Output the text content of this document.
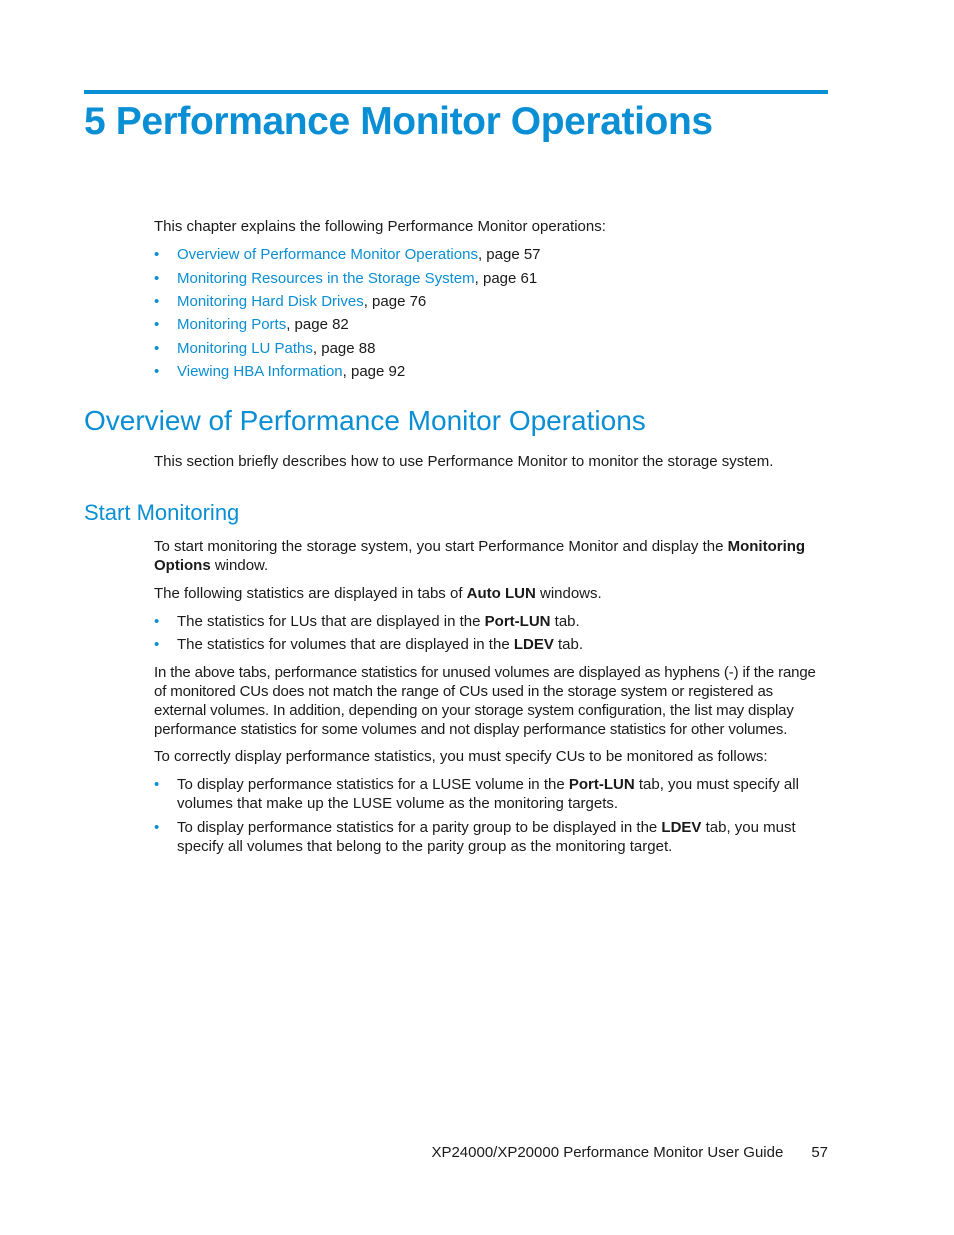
5 Performance Monitor Operations
This chapter explains the following Performance Monitor operations:
• Overview of Performance Monitor Operations, page 57
• Monitoring Resources in the Storage System, page 61
• Monitoring Hard Disk Drives, page 76
• Monitoring Ports, page 82
• Monitoring LU Paths, page 88
• Viewing HBA Information, page 92
Overview of Performance Monitor Operations
This section briefly describes how to use Performance Monitor to monitor the storage system.
Start Monitoring
To start monitoring the storage system, you start Performance Monitor and display the Monitoring Options window.
The following statistics are displayed in tabs of Auto LUN windows.
• The statistics for LUs that are displayed in the Port-LUN tab.
• The statistics for volumes that are displayed in the LDEV tab.
In the above tabs, performance statistics for unused volumes are displayed as hyphens (-) if the range of monitored CUs does not match the range of CUs used in the storage system or registered as external volumes. In addition, depending on your storage system configuration, the list may display performance statistics for some volumes and not display performance statistics for other volumes.
To correctly display performance statistics, you must specify CUs to be monitored as follows:
• To display performance statistics for a LUSE volume in the Port-LUN tab, you must specify all volumes that make up the LUSE volume as the monitoring targets.
• To display performance statistics for a parity group to be displayed in the LDEV tab, you must specify all volumes that belong to the parity group as the monitoring target.
XP24000/XP20000 Performance Monitor User Guide 57
